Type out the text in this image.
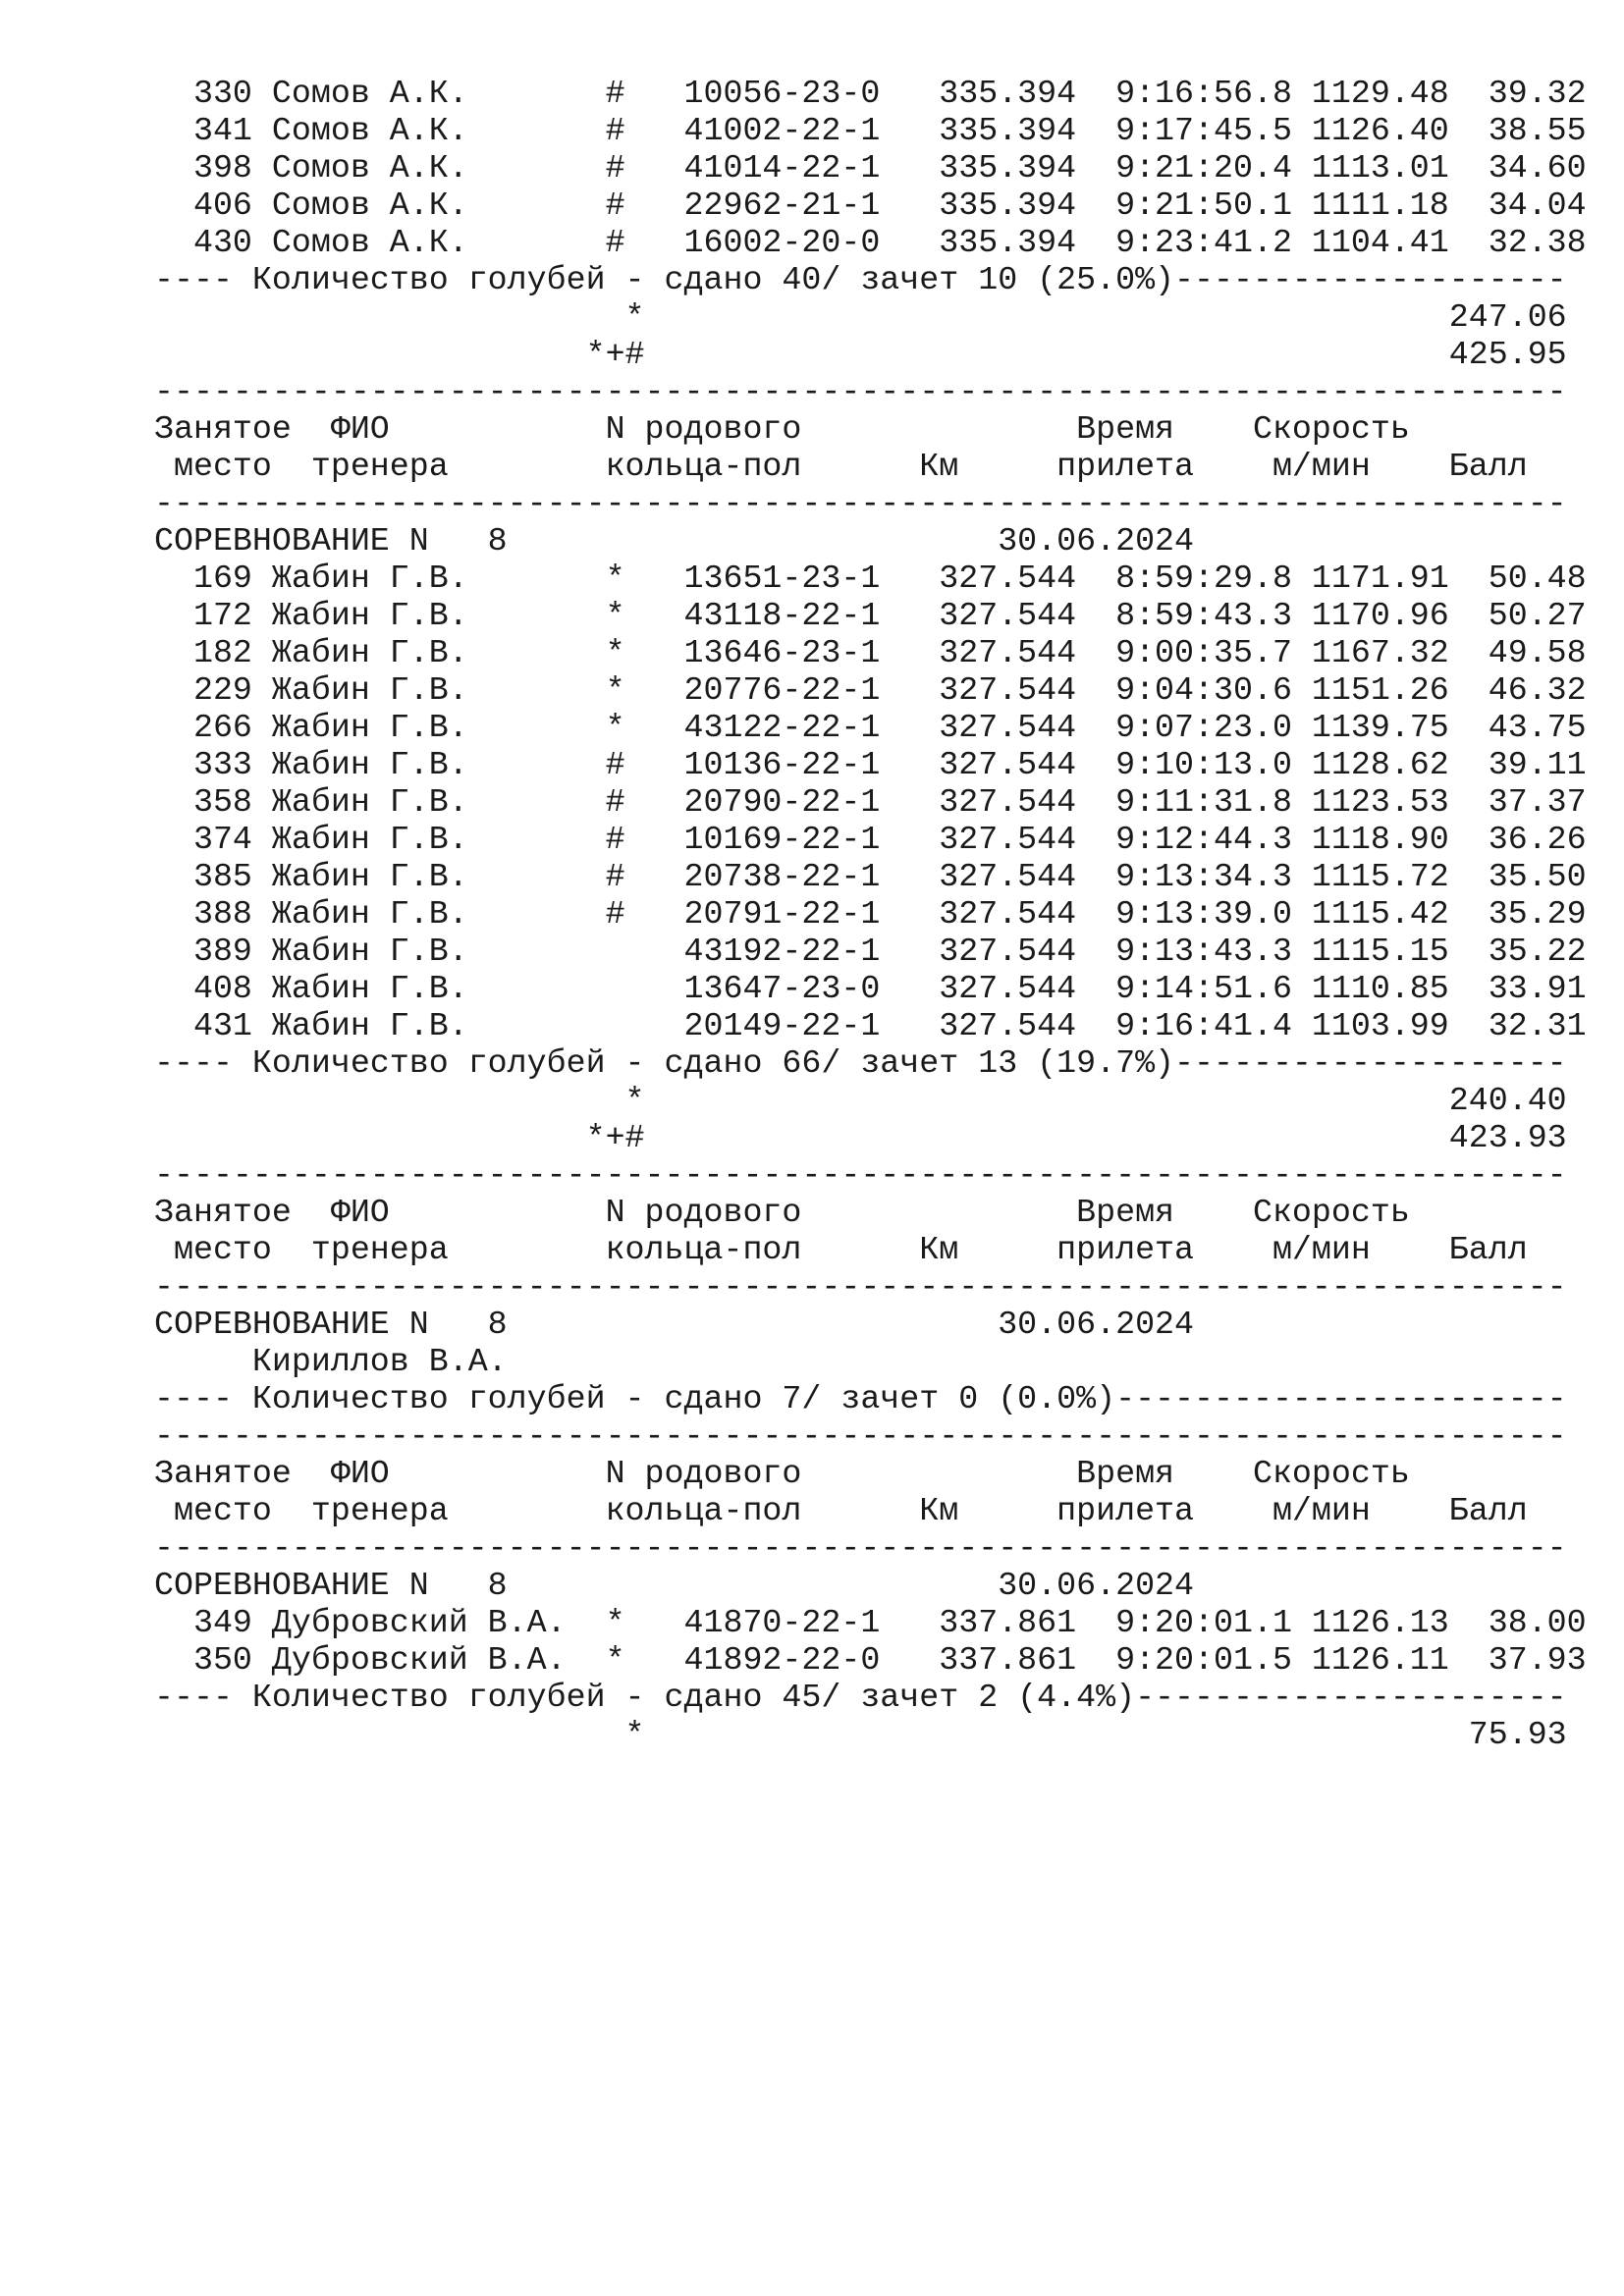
330 Сомов А.К.       #   10056-23-0   335.394  9:16:56.8 1129.48  39.32
341 Сомов А.К.       #   41002-22-1   335.394  9:17:45.5 1126.40  38.55
398 Сомов А.К.       #   41014-22-1   335.394  9:21:20.4 1113.01  34.60
406 Сомов А.К.       #   22962-21-1   335.394  9:21:50.1 1111.18  34.04
430 Сомов А.К.       #   16002-20-0   335.394  9:23:41.2 1104.41  32.38
---- Количество голубей - сдано 40/ зачет 10 (25.0%)--------------------
*                                         247.06
*+#                                         425.95
------------------------------------------------------------------------
Занятое  ФИО           N родового              Время    Скорость
место  тренера        кольца-пол      Км     прилета    м/мин    Балл
------------------------------------------------------------------------
СОРЕВНОВАНИЕ N   8                         30.06.2024
169 Жабин Г.В.       *   13651-23-1   327.544  8:59:29.8 1171.91  50.48
172 Жабин Г.В.       *   43118-22-1   327.544  8:59:43.3 1170.96  50.27
182 Жабин Г.В.       *   13646-23-1   327.544  9:00:35.7 1167.32  49.58
229 Жабин Г.В.       *   20776-22-1   327.544  9:04:30.6 1151.26  46.32
266 Жабин Г.В.       *   43122-22-1   327.544  9:07:23.0 1139.75  43.75
333 Жабин Г.В.       #   10136-22-1   327.544  9:10:13.0 1128.62  39.11
358 Жабин Г.В.       #   20790-22-1   327.544  9:11:31.8 1123.53  37.37
374 Жабин Г.В.       #   10169-22-1   327.544  9:12:44.3 1118.90  36.26
385 Жабин Г.В.       #   20738-22-1   327.544  9:13:34.3 1115.72  35.50
388 Жабин Г.В.       #   20791-22-1   327.544  9:13:39.0 1115.42  35.29
389 Жабин Г.В.           43192-22-1   327.544  9:13:43.3 1115.15  35.22
408 Жабин Г.В.           13647-23-0   327.544  9:14:51.6 1110.85  33.91
431 Жабин Г.В.           20149-22-1   327.544  9:16:41.4 1103.99  32.31
---- Количество голубей - сдано 66/ зачет 13 (19.7%)--------------------
*                                         240.40
*+#                                         423.93
------------------------------------------------------------------------
Занятое  ФИО           N родового              Время    Скорость
место  тренера        кольца-пол      Км     прилета    м/мин    Балл
------------------------------------------------------------------------
СОРЕВНОВАНИЕ N   8                         30.06.2024
Кириллов В.А.
---- Количество голубей - сдано 7/ зачет 0 (0.0%)-----------------------
------------------------------------------------------------------------
Занятое  ФИО           N родового              Время    Скорость
место  тренера        кольца-пол      Км     прилета    м/мин    Балл
------------------------------------------------------------------------
СОРЕВНОВАНИЕ N   8                         30.06.2024
349 Дубровский В.А.  *   41870-22-1   337.861  9:20:01.1 1126.13  38.00
350 Дубровский В.А.  *   41892-22-0   337.861  9:20:01.5 1126.11  37.93
---- Количество голубей - сдано 45/ зачет 2 (4.4%)----------------------
*                                          75.93
